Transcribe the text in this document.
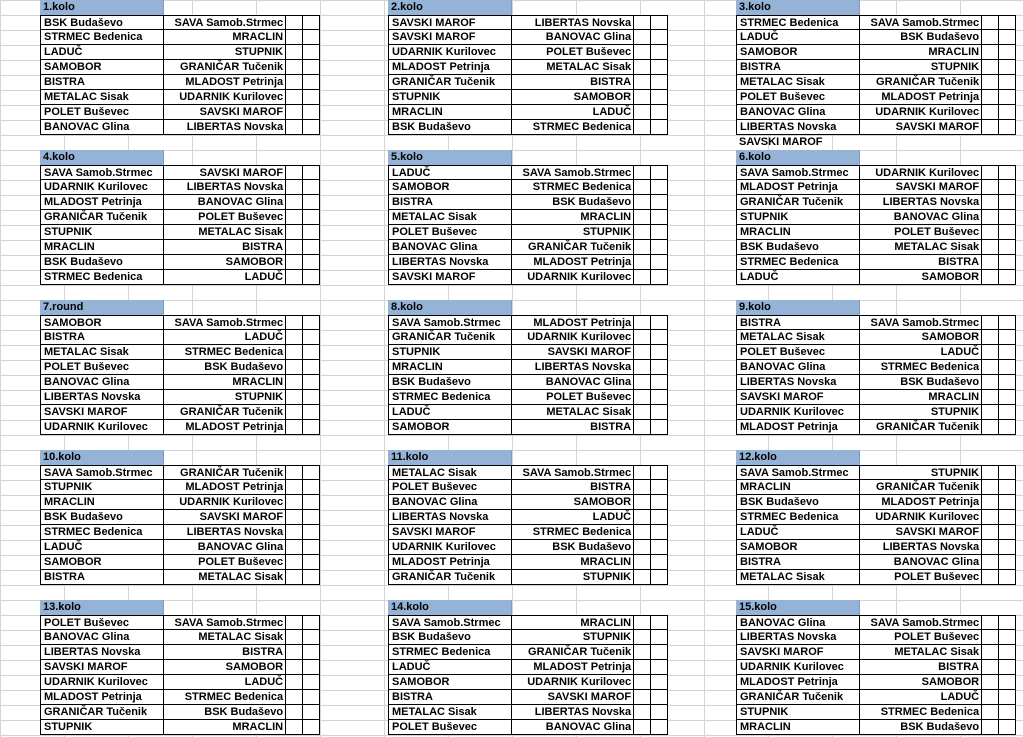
1.kolo
BSK Budaševo	SAVA Samob.Strmec
STRMEC Bedenica	MRACLIN
LADUČ	STUPNIK
SAMOBOR	GRANIČAR Tučenik
BISTRA	MLADOST Petrinja
METALAC Sisak	UDARNIK Kurilovec
POLET Buševec	SAVSKI MAROF
BANOVAC Glina	LIBERTAS Novska
2.kolo
SAVSKI MAROF	LIBERTAS Novska
SAVSKI MAROF	BANOVAC Glina
UDARNIK Kurilovec	POLET Buševec
MLADOST Petrinja	METALAC Sisak
GRANIČAR Tučenik	BISTRA
STUPNIK	SAMOBOR
MRACLIN	LADUČ
BSK Budaševo	STRMEC Bedenica
3.kolo
STRMEC Bedenica	SAVA Samob.Strmec
LADUČ	BSK Budaševo
SAMOBOR	MRACLIN
BISTRA	STUPNIK
METALAC Sisak	GRANIČAR Tučenik
POLET Buševec	MLADOST Petrinja
BANOVAC Glina	UDARNIK Kurilovec
LIBERTAS Novska	SAVSKI MAROF
SAVSKI MAROF
4.kolo
SAVA Samob.Strmec	SAVSKI MAROF
UDARNIK Kurilovec	LIBERTAS Novska
MLADOST Petrinja	BANOVAC Glina
GRANIČAR Tučenik	POLET Buševec
STUPNIK	METALAC Sisak
MRACLIN	BISTRA
BSK Budaševo	SAMOBOR
STRMEC Bedenica	LADUČ
5.kolo
LADUČ	SAVA Samob.Strmec
SAMOBOR	STRMEC Bedenica
BISTRA	BSK Budaševo
METALAC Sisak	MRACLIN
POLET Buševec	STUPNIK
BANOVAC Glina	GRANIČAR Tučenik
LIBERTAS Novska	MLADOST Petrinja
SAVSKI MAROF	UDARNIK Kurilovec
6.kolo
SAVA Samob.Strmec	UDARNIK Kurilovec
MLADOST Petrinja	SAVSKI MAROF
GRANIČAR Tučenik	LIBERTAS Novska
STUPNIK	BANOVAC Glina
MRACLIN	POLET Buševec
BSK Budaševo	METALAC Sisak
STRMEC Bedenica	BISTRA
LADUČ	SAMOBOR
7.round
SAMOBOR	SAVA Samob.Strmec
BISTRA	LADUČ
METALAC Sisak	STRMEC Bedenica
POLET Buševec	BSK Budaševo
BANOVAC Glina	MRACLIN
LIBERTAS Novska	STUPNIK
SAVSKI MAROF	GRANIČAR Tučenik
UDARNIK Kurilovec	MLADOST Petrinja
8.kolo
SAVA Samob.Strmec	MLADOST Petrinja
GRANIČAR Tučenik	UDARNIK Kurilovec
STUPNIK	SAVSKI MAROF
MRACLIN	LIBERTAS Novska
BSK Budaševo	BANOVAC Glina
STRMEC Bedenica	POLET Buševec
LADUČ	METALAC Sisak
SAMOBOR	BISTRA
9.kolo
BISTRA	SAVA Samob.Strmec
METALAC Sisak	SAMOBOR
POLET Buševec	LADUČ
BANOVAC Glina	STRMEC Bedenica
LIBERTAS Novska	BSK Budaševo
SAVSKI MAROF	MRACLIN
UDARNIK Kurilovec	STUPNIK
MLADOST Petrinja	GRANIČAR Tučenik
10.kolo
SAVA Samob.Strmec	GRANIČAR Tučenik
STUPNIK	MLADOST Petrinja
MRACLIN	UDARNIK Kurilovec
BSK Budaševo	SAVSKI MAROF
STRMEC Bedenica	LIBERTAS Novska
LADUČ	BANOVAC Glina
SAMOBOR	POLET Buševec
BISTRA	METALAC Sisak
11.kolo
METALAC Sisak	SAVA Samob.Strmec
POLET Buševec	BISTRA
BANOVAC Glina	SAMOBOR
LIBERTAS Novska	LADUČ
SAVSKI MAROF	STRMEC Bedenica
UDARNIK Kurilovec	BSK Budaševo
MLADOST Petrinja	MRACLIN
GRANIČAR Tučenik	STUPNIK
12.kolo
SAVA Samob.Strmec	STUPNIK
MRACLIN	GRANIČAR Tučenik
BSK Budaševo	MLADOST Petrinja
STRMEC Bedenica	UDARNIK Kurilovec
LADUČ	SAVSKI MAROF
SAMOBOR	LIBERTAS Novska
BISTRA	BANOVAC Glina
METALAC Sisak	POLET Buševec
13.kolo
POLET Buševec	SAVA Samob.Strmec
BANOVAC Glina	METALAC Sisak
LIBERTAS Novska	BISTRA
SAVSKI MAROF	SAMOBOR
UDARNIK Kurilovec	LADUČ
MLADOST Petrinja	STRMEC Bedenica
GRANIČAR Tučenik	BSK Budaševo
STUPNIK	MRACLIN
14.kolo
SAVA Samob.Strmec	MRACLIN
BSK Budaševo	STUPNIK
STRMEC Bedenica	GRANIČAR Tučenik
LADUČ	MLADOST Petrinja
SAMOBOR	UDARNIK Kurilovec
BISTRA	SAVSKI MAROF
METALAC Sisak	LIBERTAS Novska
POLET Buševec	BANOVAC Glina
15.kolo
BANOVAC Glina	SAVA Samob.Strmec
LIBERTAS Novska	POLET Buševec
SAVSKI MAROF	METALAC Sisak
UDARNIK Kurilovec	BISTRA
MLADOST Petrinja	SAMOBOR
GRANIČAR Tučenik	LADUČ
STUPNIK	STRMEC Bedenica
MRACLIN	BSK Budaševo
